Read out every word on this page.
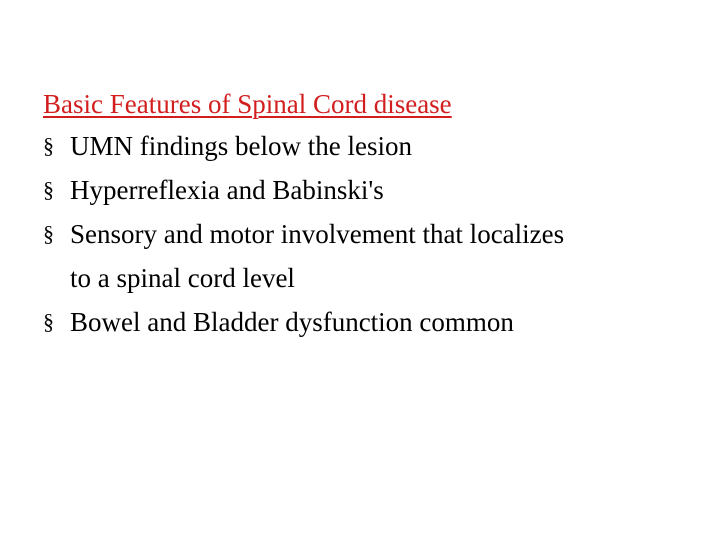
Basic Features of Spinal Cord disease
§ UMN findings below the lesion
§ Hyperreflexia and Babinski's
§ Sensory and motor involvement that localizes
to a spinal cord level
§ Bowel and Bladder dysfunction common
